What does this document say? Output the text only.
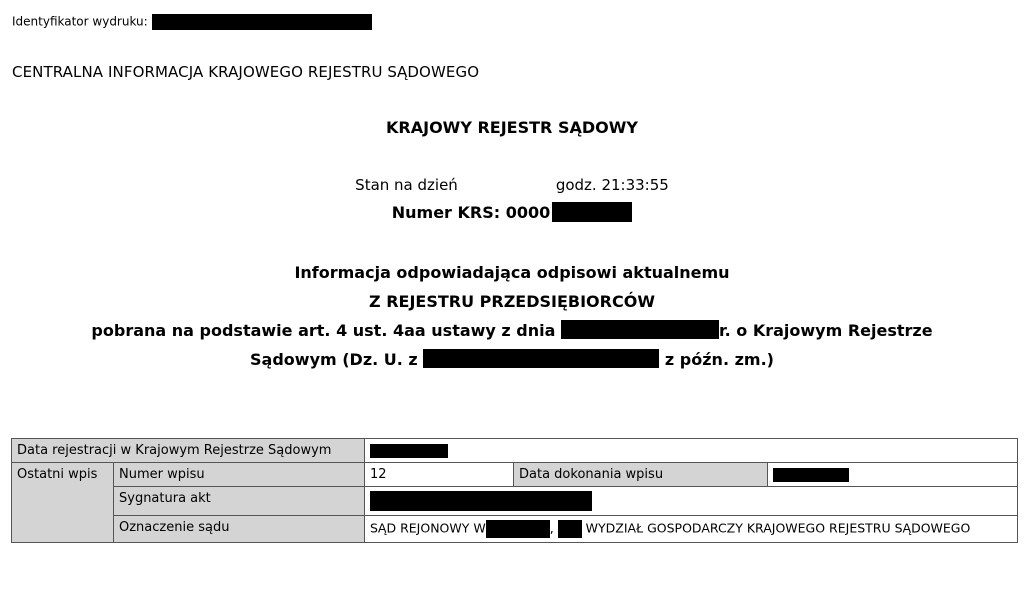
Identyfikator wydruku:
CENTRALNA INFORMACJA KRAJOWEGO REJESTRU SĄDOWEGO
KRAJOWY REJESTR SĄDOWY
Stan na dzień	godz. 21:33:55
Numer KRS: 0000
Informacja odpowiadająca odpisowi aktualnemu
Z REJESTRU PRZEDSIĘBIORCÓW
pobrana na podstawie art. 4 ust. 4aa ustawy z dnia	r. o Krajowym Rejestrze
Sądowym (Dz. U. z	z późn. zm.)
Data rejestracji w Krajowym Rejestrze Sądowym				
Ostatni wpis	Numer wpisu	12	Data dokonania wpisu	
	Sygnatura akt			
	Oznaczenie sądu	SĄD REJONOWY W , WYDZIAŁ GOSPODARCZY KRAJOWEGO REJESTRU SĄDOWEGO		
